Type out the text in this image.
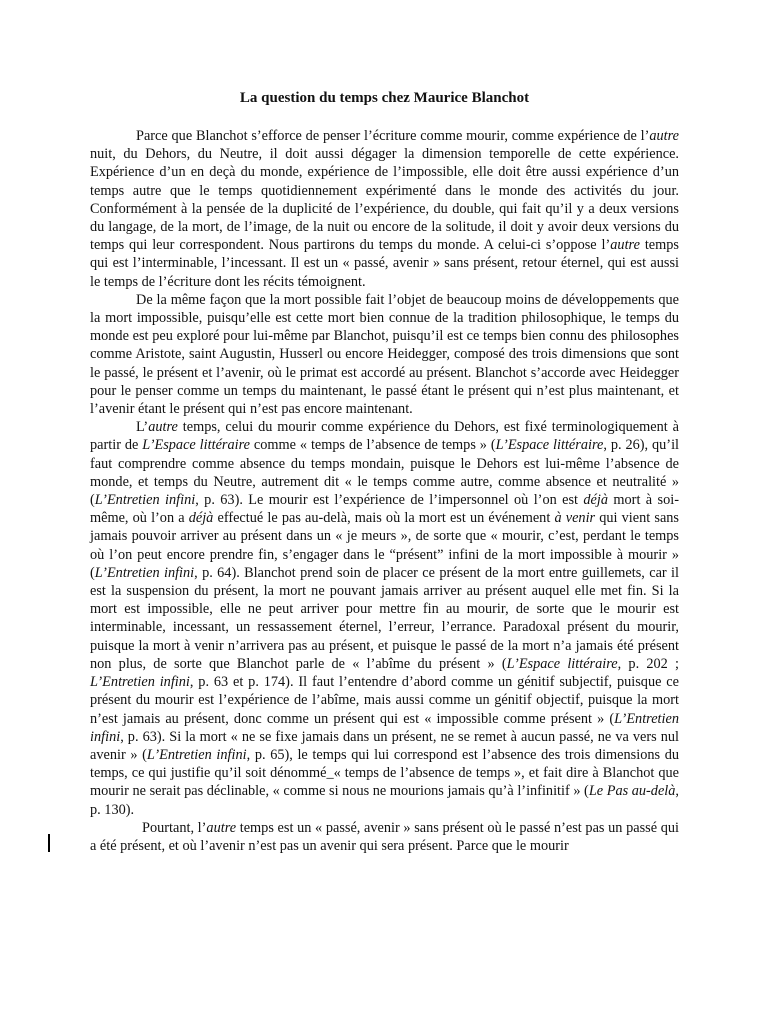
La question du temps chez Maurice Blanchot

Parce que Blanchot s’efforce de penser l’écriture comme mourir, comme expérience de l’autre nuit, du Dehors, du Neutre, il doit aussi dégager la dimension temporelle de cette expérience. Expérience d’un en deçà du monde, expérience de l’impossible, elle doit être aussi expérience d’un temps autre que le temps quotidiennement expérimenté dans le monde des activités du jour. Conformément à la pensée de la duplicité de l’expérience, du double, qui fait qu’il y a deux versions du langage, de la mort, de l’image, de la nuit ou encore de la solitude, il doit y avoir deux versions du temps qui leur correspondent. Nous partirons du temps du monde. A celui-ci s’oppose l’autre temps qui est l’interminable, l’incessant. Il est un « passé, avenir » sans présent, retour éternel, qui est aussi le temps de l’écriture dont les récits témoignent.

De la même façon que la mort possible fait l’objet de beaucoup moins de développements que la mort impossible, puisqu’elle est cette mort bien connue de la tradition philosophique, le temps du monde est peu exploré pour lui-même par Blanchot, puisqu’il est ce temps bien connu des philosophes comme Aristote, saint Augustin, Husserl ou encore Heidegger, composé des trois dimensions que sont le passé, le présent et l’avenir, où le primat est accordé au présent. Blanchot s’accorde avec Heidegger pour le penser comme un temps du maintenant, le passé étant le présent qui n’est plus maintenant, et l’avenir étant le présent qui n’est pas encore maintenant.

L’autre temps, celui du mourir comme expérience du Dehors, est fixé terminologiquement à partir de L’Espace littéraire comme « temps de l’absence de temps » (L’Espace littéraire, p. 26), qu’il faut comprendre comme absence du temps mondain, puisque le Dehors est lui-même l’absence de monde, et temps du Neutre, autrement dit « le temps comme autre, comme absence et neutralité » (L’Entretien infini, p. 63). Le mourir est l’expérience de l’impersonnel où l’on est déjà mort à soi-même, où l’on a déjà effectué le pas au-delà, mais où la mort est un événement à venir qui vient sans jamais pouvoir arriver au présent dans un « je meurs », de sorte que « mourir, c’est, perdant le temps où l’on peut encore prendre fin, s’engager dans le “présent” infini de la mort impossible à mourir » (L’Entretien infini, p. 64). Blanchot prend soin de placer ce présent de la mort entre guillemets, car il est la suspension du présent, la mort ne pouvant jamais arriver au présent auquel elle met fin. Si la mort est impossible, elle ne peut arriver pour mettre fin au mourir, de sorte que le mourir est interminable, incessant, un ressassement éternel, l’erreur, l’errance. Paradoxal présent du mourir, puisque la mort à venir n’arrivera pas au présent, et puisque le passé de la mort n’a jamais été présent non plus, de sorte que Blanchot parle de « l’abîme du présent » (L’Espace littéraire, p. 202 ; L’Entretien infini, p. 63 et p. 174). Il faut l’entendre d’abord comme un génitif subjectif, puisque ce présent du mourir est l’expérience de l’abîme, mais aussi comme un génitif objectif, puisque la mort n’est jamais au présent, donc comme un présent qui est « impossible comme présent » (L’Entretien infini, p. 63). Si la mort « ne se fixe jamais dans un présent, ne se remet à aucun passé, ne va vers nul avenir » (L’Entretien infini, p. 65), le temps qui lui correspond est l’absence des trois dimensions du temps, ce qui justifie qu’il soit dénommé_« temps de l’absence de temps », et fait dire à Blanchot que mourir ne serait pas déclinable, « comme si nous ne mourions jamais qu’à l’infinitif » (Le Pas au-delà, p. 130).

Pourtant, l’autre temps est un « passé, avenir » sans présent où le passé n’est pas un passé qui a été présent, et où l’avenir n’est pas un avenir qui sera présent. Parce que le mourir
